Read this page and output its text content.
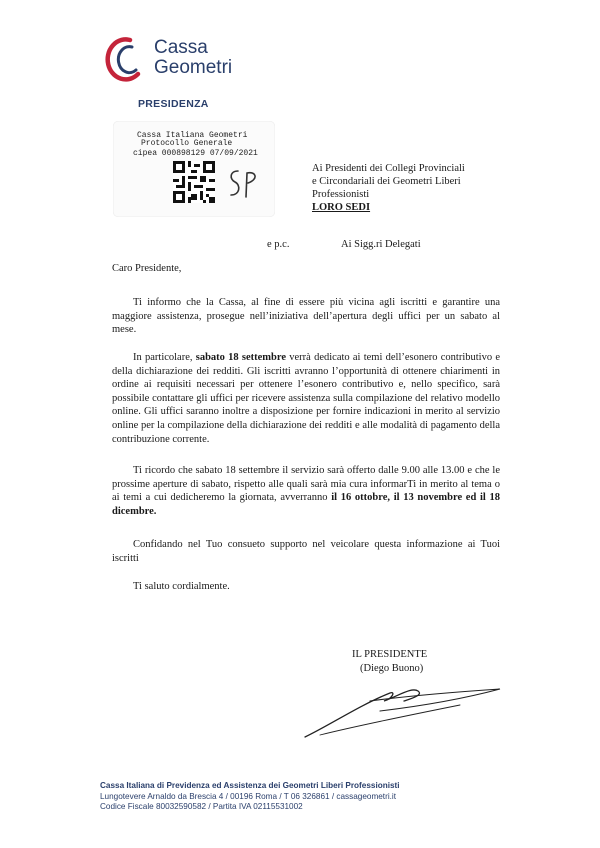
Cassa
Geometri
PRESIDENZA
Cassa Italiana Geometri
Protocollo Generale
cipea 000898129 07/09/2021
Ai Presidenti dei Collegi Provinciali
e Circondariali dei Geometri Liberi
Professionisti
LORO SEDI
e p.c.	Ai Sigg.ri Delegati
Caro Presidente,
Ti informo che la Cassa, al fine di essere più vicina agli iscritti e garantire una maggiore assistenza, prosegue nell’iniziativa dell’apertura degli uffici per un sabato al mese.
In particolare, sabato 18 settembre verrà dedicato ai temi dell’esonero contributivo e della dichiarazione dei redditi. Gli iscritti avranno l’opportunità di ottenere chiarimenti in ordine ai requisiti necessari per ottenere l’esonero contributivo e, nello specifico, sarà possibile contattare gli uffici per ricevere assistenza sulla compilazione del relativo modello online. Gli uffici saranno inoltre a disposizione per fornire indicazioni in merito al servizio online per la compilazione della dichiarazione dei redditi e alle modalità di pagamento della contribuzione corrente.
Ti ricordo che sabato 18 settembre il servizio sarà offerto dalle 9.00 alle 13.00 e che le prossime aperture di sabato, rispetto alle quali sarà mia cura informarTi in merito al tema o ai temi a cui dedicheremo la giornata, avverranno il 16 ottobre, il 13 novembre ed il 18 dicembre.
Confidando nel Tuo consueto supporto nel veicolare questa informazione ai Tuoi iscritti
Ti saluto cordialmente.
IL PRESIDENTE
(Diego Buono)
Cassa Italiana di Previdenza ed Assistenza dei Geometri Liberi Professionisti
Lungotevere Arnaldo da Brescia 4 / 00196 Roma / T 06 326861 / cassageometri.it
Codice Fiscale 80032590582 / Partita IVA 02115531002
